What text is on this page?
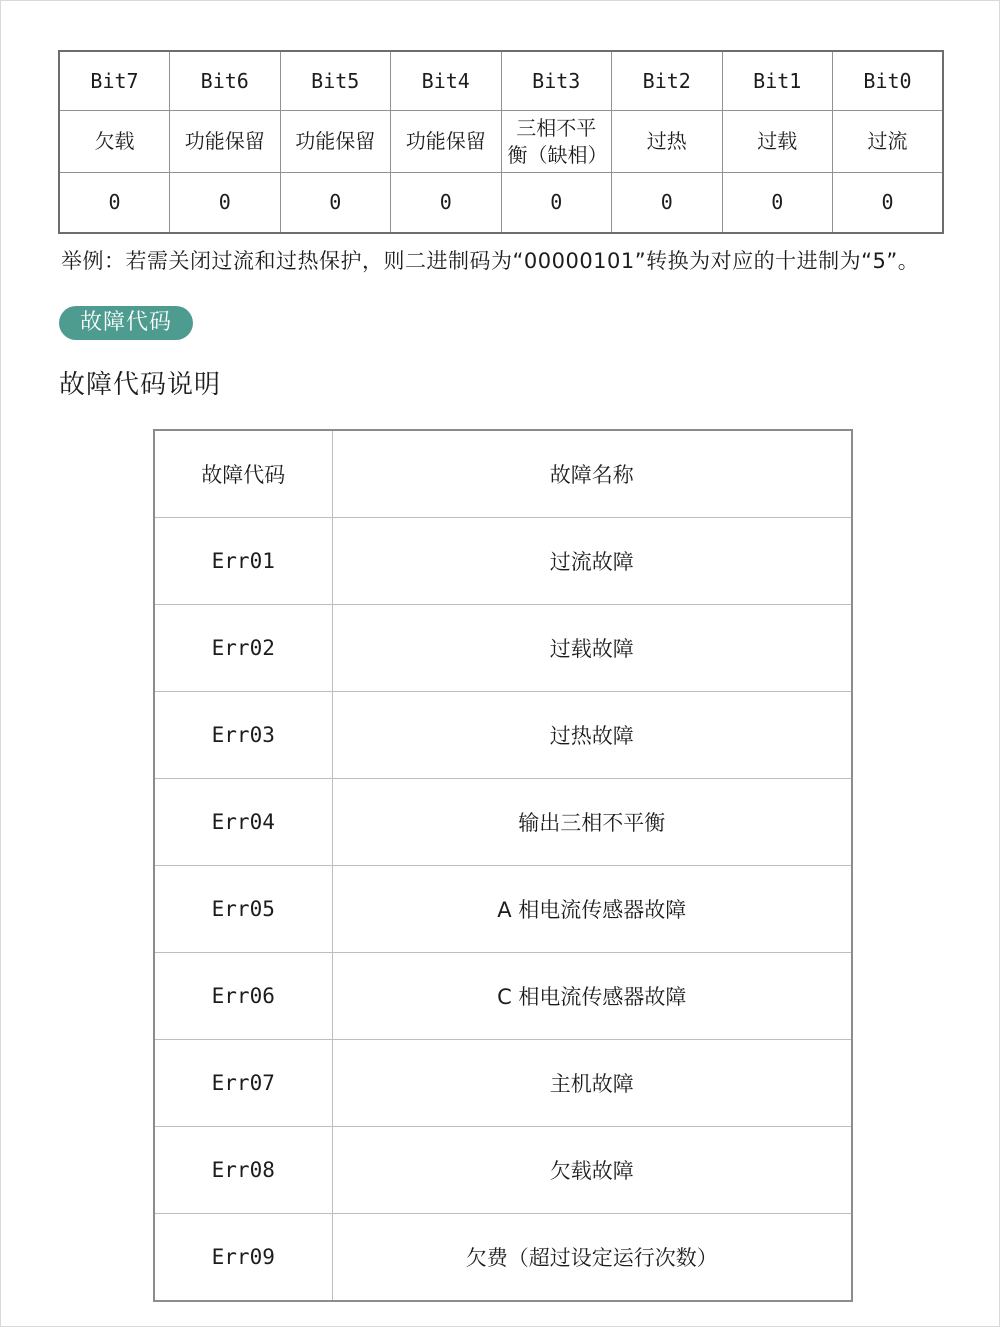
Bit7	Bit6	Bit5	Bit4	Bit3	Bit2	Bit1	Bit0
欠载	功能保留	功能保留	功能保留	三相不平衡（缺相）	过热	过载	过流
0	0	0	0	0	0	0	0

举例：若需关闭过流和过热保护，则二进制码为“00000101”转换为对应的十进制为“5”。

故障代码
故障代码说明
故障代码	故障名称
Err01	过流故障
Err02	过载故障
Err03	过热故障
Err04	输出三相不平衡
Err05	A 相电流传感器故障
Err06	C 相电流传感器故障
Err07	主机故障
Err08	欠载故障
Err09	欠费（超过设定运行次数）
